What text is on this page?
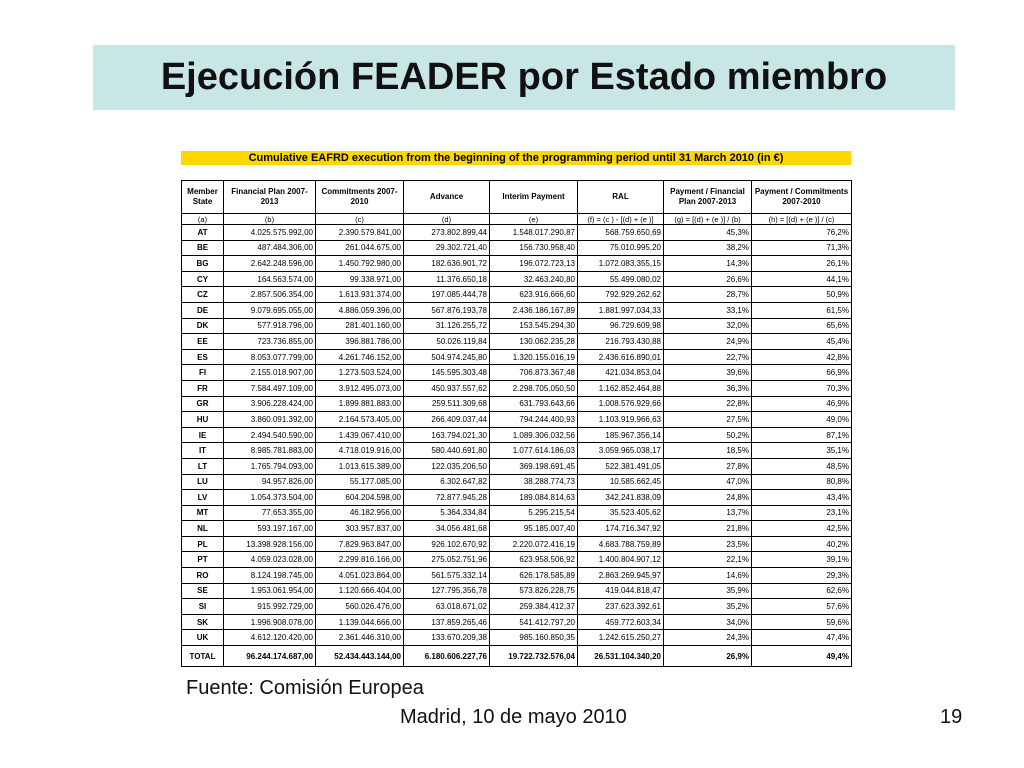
Ejecución FEADER por Estado miembro
Cumulative EAFRD execution from the beginning of the programming period until 31 March 2010 (in €)
Member State	Financial Plan 2007-2013	Commitments 2007-2010	Advance	Interim Payment	RAL	Payment / Financial Plan 2007-2013	Payment / Commitments 2007-2010
(a)	(b)	(c)	(d)	(e)	(f) = (c ) - [(d) + (e )]	(g) = [(d) + (e )] / (b)	(h) = [(d) + (e )] / (c)
AT	4.025.575.992,00	2.390.579.841,00	273.802.899,44	1.548.017.290,87	568.759.650,69	45,3%	76,2%
BE	487.484.306,00	261.044.675,00	29.302.721,40	156.730.958,40	75.010.995,20	38,2%	71,3%
BG	2.642.248.596,00	1.450.792.980,00	182.636.901,72	196.072.723,13	1.072.083.355,15	14,3%	26,1%
CY	164.563.574,00	99.338.971,00	11.376.650,18	32.463.240,80	55.499.080,02	26,6%	44,1%
CZ	2.857.506.354,00	1.613.931.374,00	197.085.444,78	623.916.666,60	792.929.262,62	28,7%	50,9%
DE	9.079.695.055,00	4.886.059.396,00	567.876.193,78	2.436.186.167,89	1.881.997.034,33	33,1%	61,5%
DK	577.918.796,00	281.401.160,00	31.126.255,72	153.545.294,30	96.729.609,98	32,0%	65,6%
EE	723.736.855,00	396.881.786,00	50.026.119,84	130.062.235,28	216.793.430,88	24,9%	45,4%
ES	8.053.077.799,00	4.261.746.152,00	504.974.245,80	1.320.155.016,19	2.436.616.890,01	22,7%	42,8%
FI	2.155.018.907,00	1.273.503.524,00	145.595.303,48	706.873.367,48	421.034.853,04	39,6%	66,9%
FR	7.584.497.109,00	3.912.495.073,00	450.937.557,62	2.298.705.050,50	1.162.852.464,88	36,3%	70,3%
GR	3.906.228.424,00	1.899.881.883,00	259.511.309,68	631.793.643,66	1.008.576.929,66	22,8%	46,9%
HU	3.860.091.392,00	2.164.573.405,00	266.409.037,44	794.244.400,93	1.103.919.966,63	27,5%	49,0%
IE	2.494.540.590,00	1.439.067.410,00	163.794.021,30	1.089.306.032,56	185.967.356,14	50,2%	87,1%
IT	8.985.781.883,00	4.718.019.916,00	580.440.691,80	1.077.614.186,03	3.059.965.038,17	18,5%	35,1%
LT	1.765.794.093,00	1.013.615.389,00	122.035.206,50	369.198.691,45	522.381.491,05	27,8%	48,5%
LU	94.957.826,00	55.177.085,00	6.302.647,82	38.288.774,73	10.585.662,45	47,0%	80,8%
LV	1.054.373.504,00	604.204.598,00	72.877.945,28	189.084.814,63	342.241.838,09	24,8%	43,4%
MT	77.653.355,00	46.182.956,00	5.364.334,84	5.295.215,54	35.523.405,62	13,7%	23,1%
NL	593.197.167,00	303.957.837,00	34.056.481,68	95.185.007,40	174.716.347,92	21,8%	42,5%
PL	13.398.928.156,00	7.829.963.847,00	926.102.670,92	2.220.072.416,19	4.683.788.759,89	23,5%	40,2%
PT	4.059.023.028,00	2.299.816.166,00	275.052.751,96	623.958.506,92	1.400.804.907,12	22,1%	39,1%
RO	8.124.198.745,00	4.051.023.864,00	561.575.332,14	626.178.585,89	2.863.269.945,97	14,6%	29,3%
SE	1.953.061.954,00	1.120.666.404,00	127.795.356,78	573.826.228,75	419.044.818,47	35,9%	62,6%
SI	915.992.729,00	560.026.476,00	63.018.671,02	259.384.412,37	237.623.392,61	35,2%	57,6%
SK	1.996.908.078,00	1.139.044.666,00	137.859.265,46	541.412.797,20	459.772.603,34	34,0%	59,6%
UK	4.612.120.420,00	2.361.446.310,00	133.670.209,38	985.160.850,35	1.242.615.250,27	24,3%	47,4%
TOTAL	96.244.174.687,00	52.434.443.144,00	6.180.606.227,76	19.722.732.576,04	26.531.104.340,20	26,9%	49,4%
Fuente: Comisión Europea
Madrid, 10 de mayo 2010	19
